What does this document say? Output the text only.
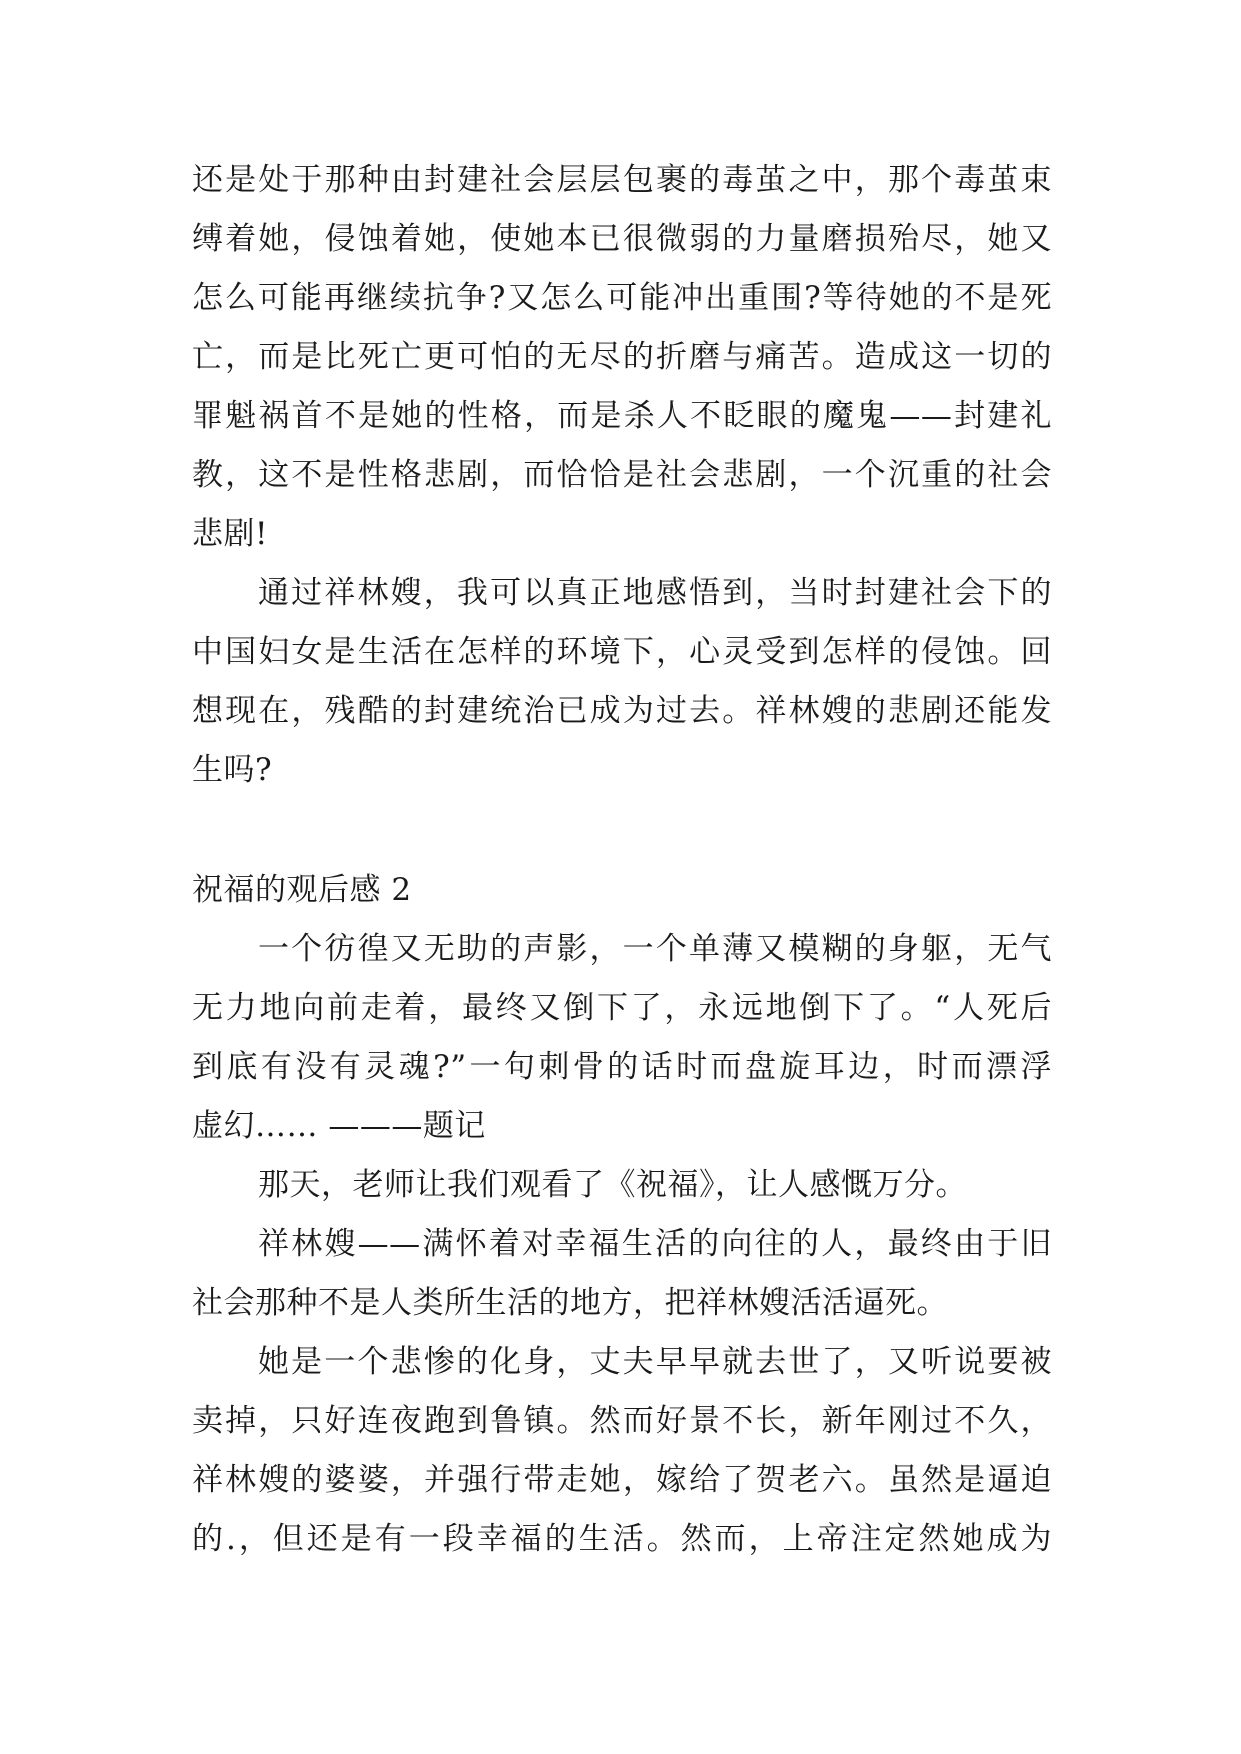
还是处于那种由封建社会层层包裹的毒茧之中，那个毒茧束
缚着她，侵蚀着她，使她本已很微弱的力量磨损殆尽，她又
怎么可能再继续抗争?又怎么可能冲出重围?等待她的不是死
亡，而是比死亡更可怕的无尽的折磨与痛苦。造成这一切的
罪魁祸首不是她的性格，而是杀人不眨眼的魔鬼——封建礼
教，这不是性格悲剧，而恰恰是社会悲剧，一个沉重的社会
悲剧!
通过祥林嫂，我可以真正地感悟到，当时封建社会下的
中国妇女是生活在怎样的环境下，心灵受到怎样的侵蚀。回
想现在，残酷的封建统治已成为过去。祥林嫂的悲剧还能发
生吗?
祝福的观后感 2
一个彷徨又无助的声影，一个单薄又模糊的身躯，无气
无力地向前走着，最终又倒下了，永远地倒下了。“人死后
到底有没有灵魂?”一句刺骨的话时而盘旋耳边，时而漂浮
虚幻…… ———题记
那天，老师让我们观看了《祝福》，让人感慨万分。
祥林嫂——满怀着对幸福生活的向往的人，最终由于旧
社会那种不是人类所生活的地方，把祥林嫂活活逼死。
她是一个悲惨的化身，丈夫早早就去世了，又听说要被
卖掉，只好连夜跑到鲁镇。然而好景不长，新年刚过不久，
祥林嫂的婆婆，并强行带走她，嫁给了贺老六。虽然是逼迫
的.，但还是有一段幸福的生活。然而，上帝注定然她成为
